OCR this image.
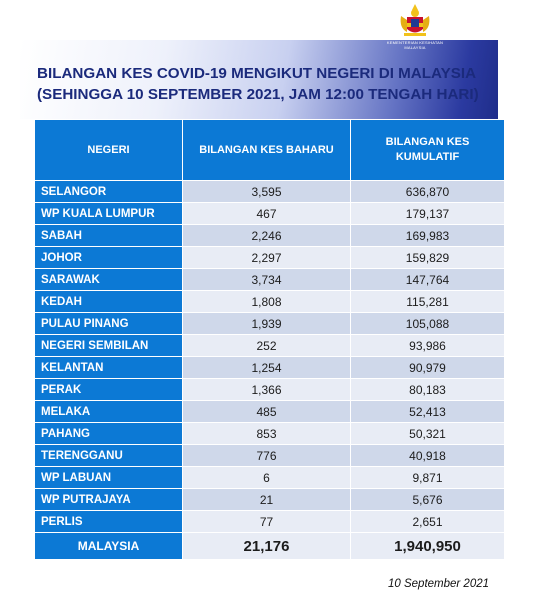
KEMENTERIAN KESIHATAN MALAYSIA
BILANGAN KES COVID-19 MENGIKUT NEGERI DI MALAYSIA
(SEHINGGA 10 SEPTEMBER 2021, JAM 12:00 TENGAH HARI)
NEGERI	BILANGAN KES BAHARU	BILANGAN KES KUMULATIF
SELANGOR	3,595	636,870
WP KUALA LUMPUR	467	179,137
SABAH	2,246	169,983
JOHOR	2,297	159,829
SARAWAK	3,734	147,764
KEDAH	1,808	115,281
PULAU PINANG	1,939	105,088
NEGERI SEMBILAN	252	93,986
KELANTAN	1,254	90,979
PERAK	1,366	80,183
MELAKA	485	52,413
PAHANG	853	50,321
TERENGGANU	776	40,918
WP LABUAN	6	9,871
WP PUTRAJAYA	21	5,676
PERLIS	77	2,651
MALAYSIA	21,176	1,940,950
10 September 2021
